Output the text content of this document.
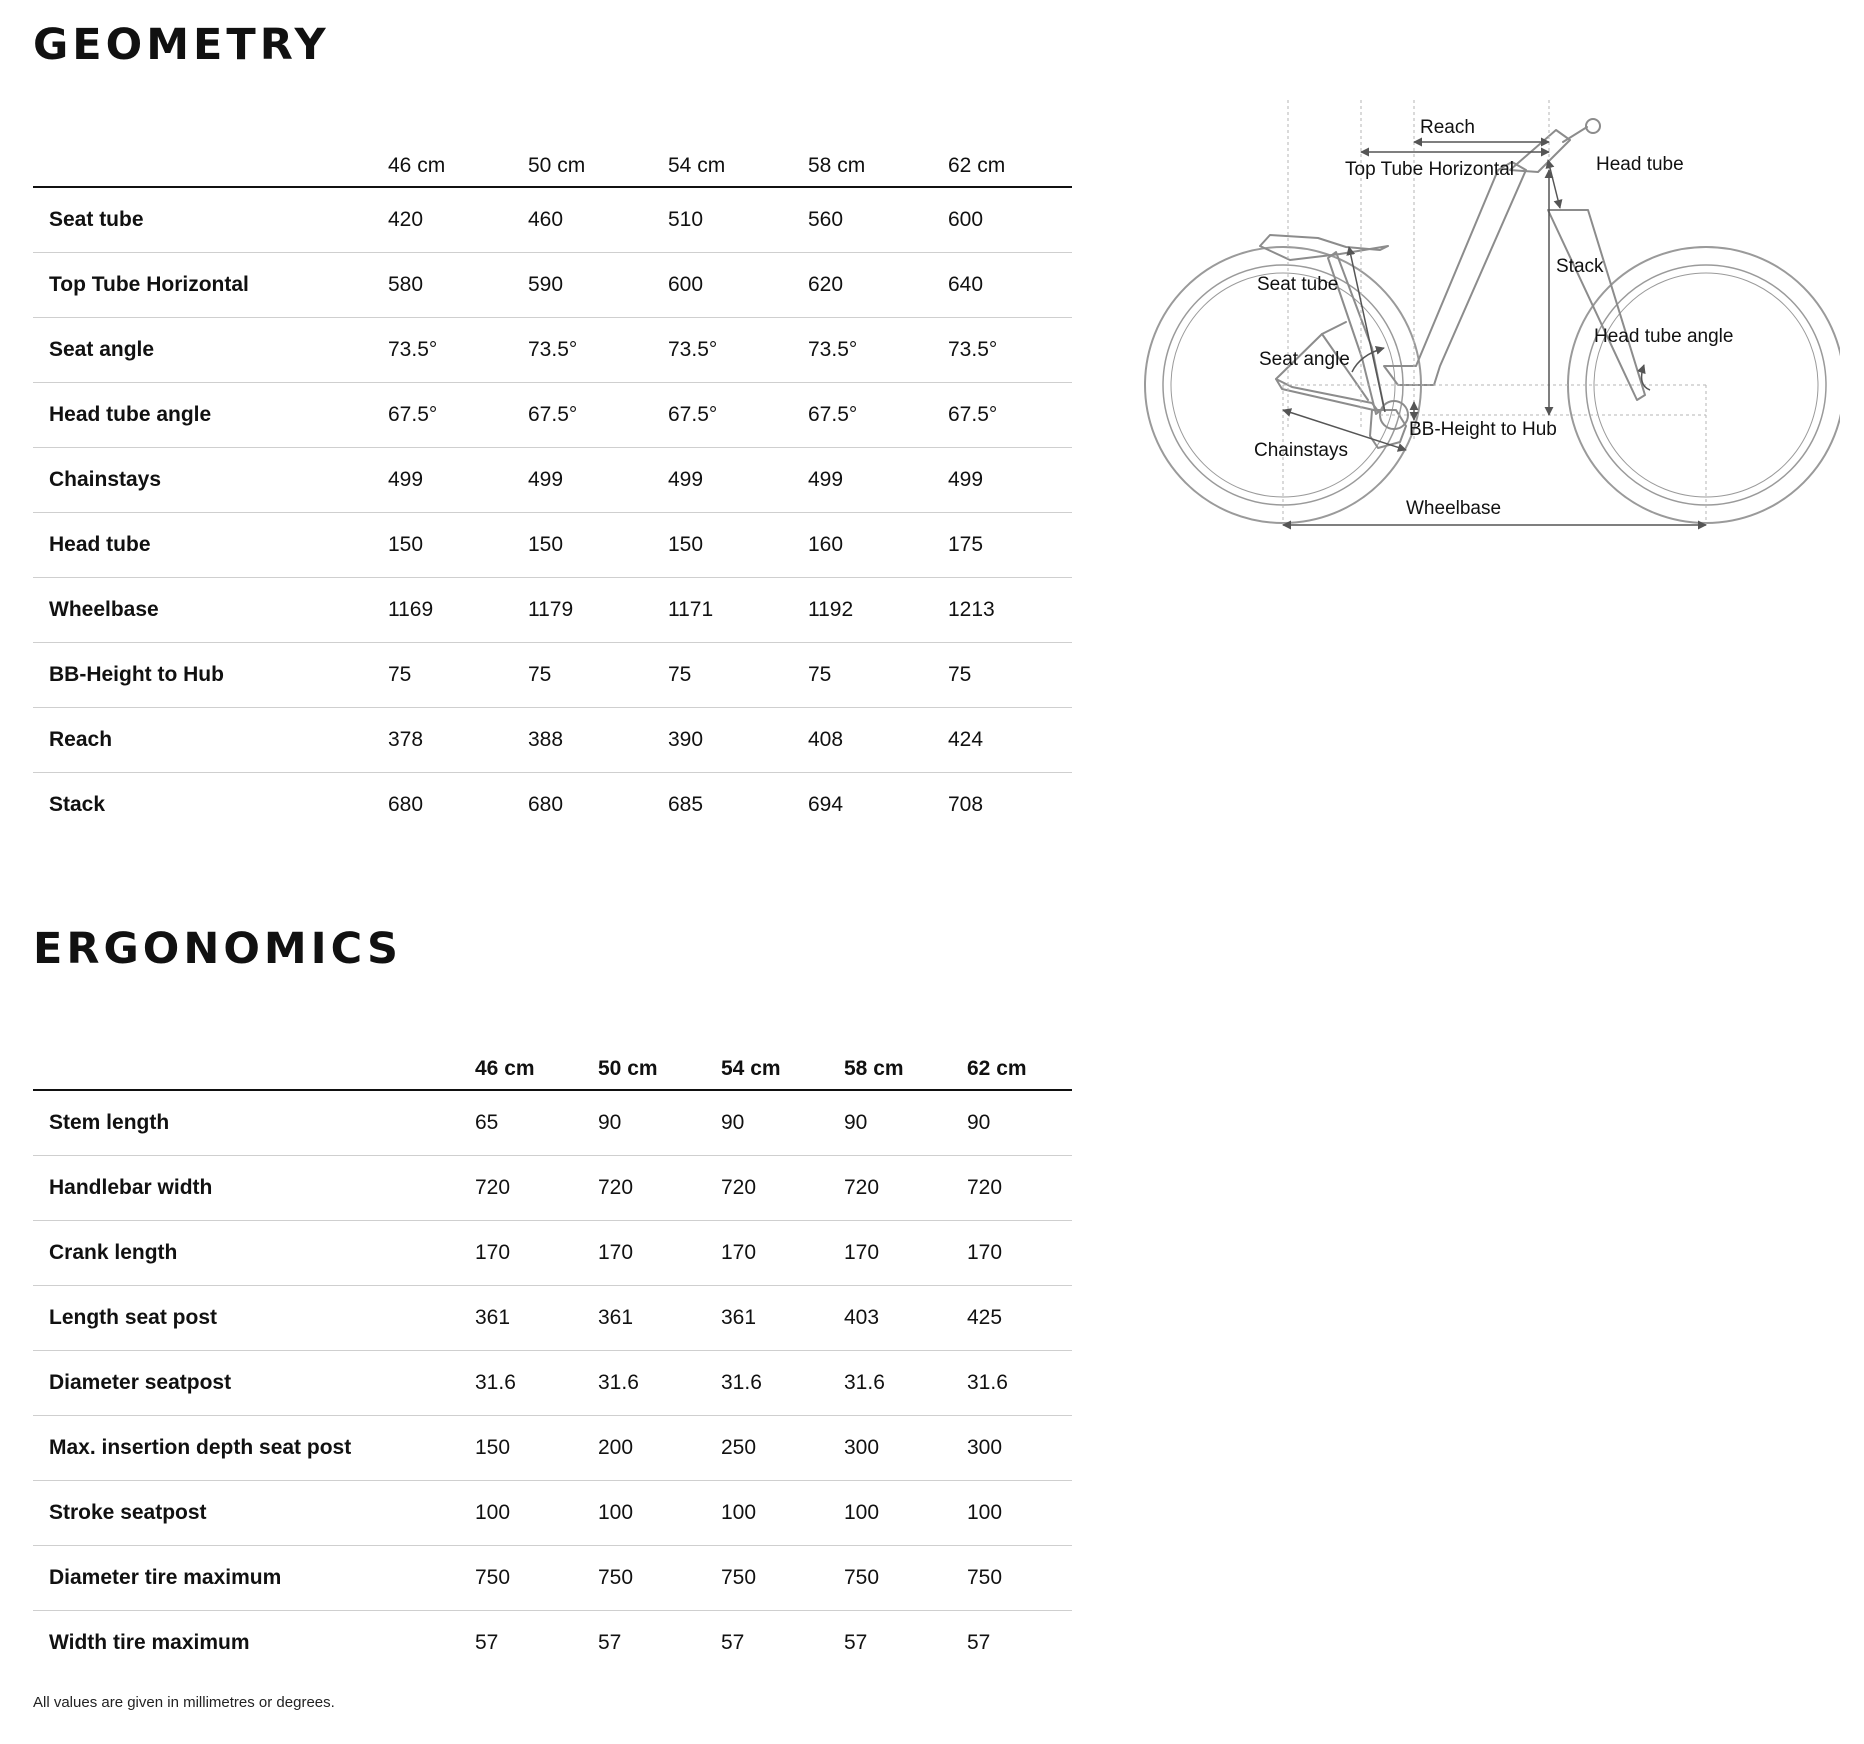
GEOMETRY
	46 cm	50 cm	54 cm	58 cm	62 cm
Seat tube	420	460	510	560	600
Top Tube Horizontal	580	590	600	620	640
Seat angle	73.5°	73.5°	73.5°	73.5°	73.5°
Head tube angle	67.5°	67.5°	67.5°	67.5°	67.5°
Chainstays	499	499	499	499	499
Head tube	150	150	150	160	175
Wheelbase	1169	1179	1171	1192	1213
BB-Height to Hub	75	75	75	75	75
Reach	378	388	390	408	424
Stack	680	680	685	694	708
ERGONOMICS
	46 cm	50 cm	54 cm	58 cm	62 cm
Stem length	65	90	90	90	90
Handlebar width	720	720	720	720	720
Crank length	170	170	170	170	170
Length seat post	361	361	361	403	425
Diameter seatpost	31.6	31.6	31.6	31.6	31.6
Max. insertion depth seat post	150	200	250	300	300
Stroke seatpost	100	100	100	100	100
Diameter tire maximum	750	750	750	750	750
Width tire maximum	57	57	57	57	57
Reach
Top Tube Horizontal	Head tube
Stack
Seat tube
Head tube angle
Seat angle
BB-Height to Hub
Chainstays
Wheelbase
All values are given in millimetres or degrees.
